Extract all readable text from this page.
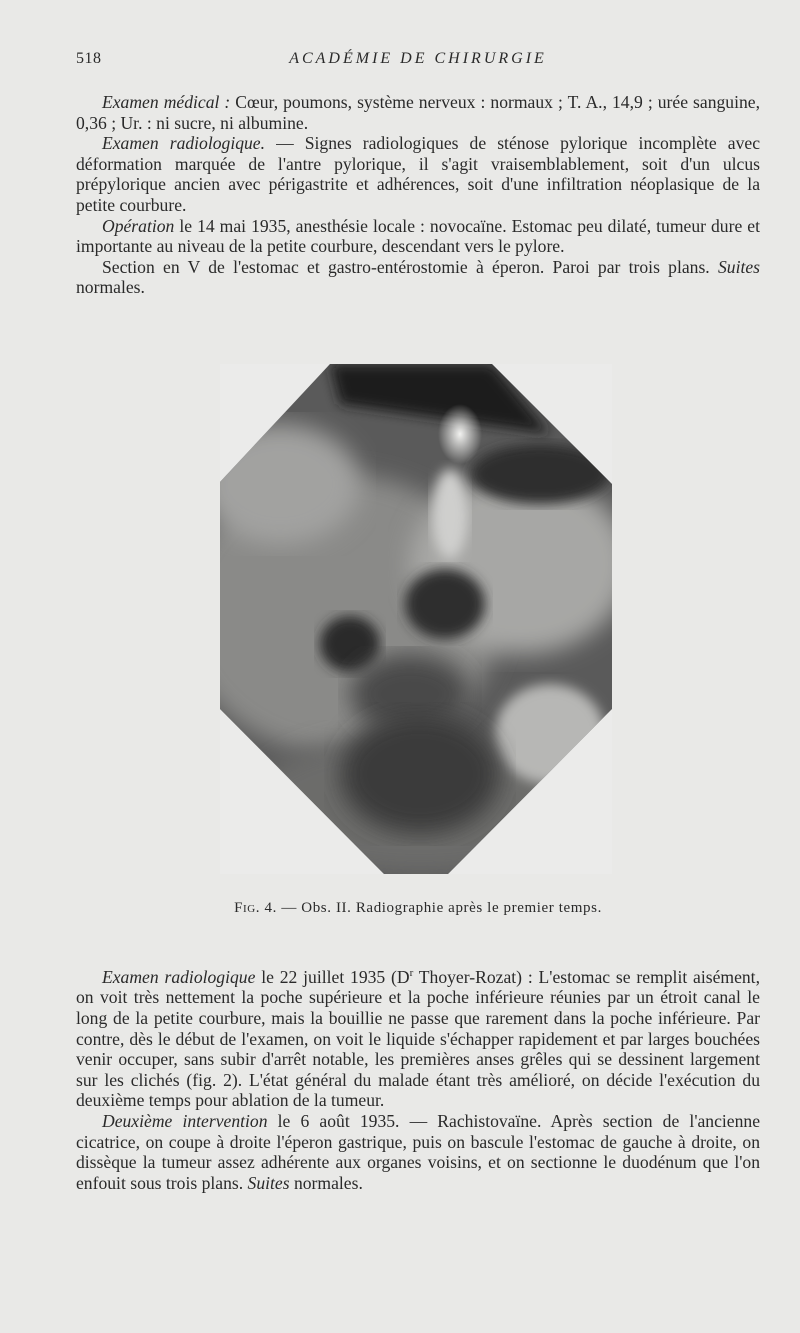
518	ACADÉMIE DE CHIRURGIE

Examen médical : Cœur, poumons, système nerveux : normaux ; T. A., 14,9 ; urée sanguine, 0,36 ; Ur. : ni sucre, ni albumine.

Examen radiologique. — Signes radiologiques de sténose pylorique incomplète avec déformation marquée de l'antre pylorique, il s'agit vraisemblablement, soit d'un ulcus prépylorique ancien avec périgastrite et adhérences, soit d'une infiltration néoplasique de la petite courbure.

Opération le 14 mai 1935, anesthésie locale : novocaïne. Estomac peu dilaté, tumeur dure et importante au niveau de la petite courbure, descendant vers le pylore.

Section en V de l'estomac et gastro-entérostomie à éperon. Paroi par trois plans. Suites normales.

Fig. 4. — Obs. II. Radiographie après le premier temps.

Examen radiologique le 22 juillet 1935 ($D^r$ Thoyer-Rozat) : L'estomac se remplit aisément, on voit très nettement la poche supérieure et la poche inférieure réunies par un étroit canal le long de la petite courbure, mais la bouillie ne passe que rarement dans la poche inférieure. Par contre, dès le début de l'examen, on voit le liquide s'échapper rapidement et par larges bouchées venir occuper, sans subir d'arrêt notable, les premières anses grêles qui se dessinent largement sur les clichés (fig. 2). L'état général du malade étant très amélioré, on décide l'exécution du deuxième temps pour ablation de la tumeur.

Deuxième intervention le 6 août 1935. — Rachistovaïne. Après section de l'ancienne cicatrice, on coupe à droite l'éperon gastrique, puis on bascule l'estomac de gauche à droite, on dissèque la tumeur assez adhérente aux organes voisins, et on sectionne le duodénum que l'on enfouit sous trois plans. Suites normales.
